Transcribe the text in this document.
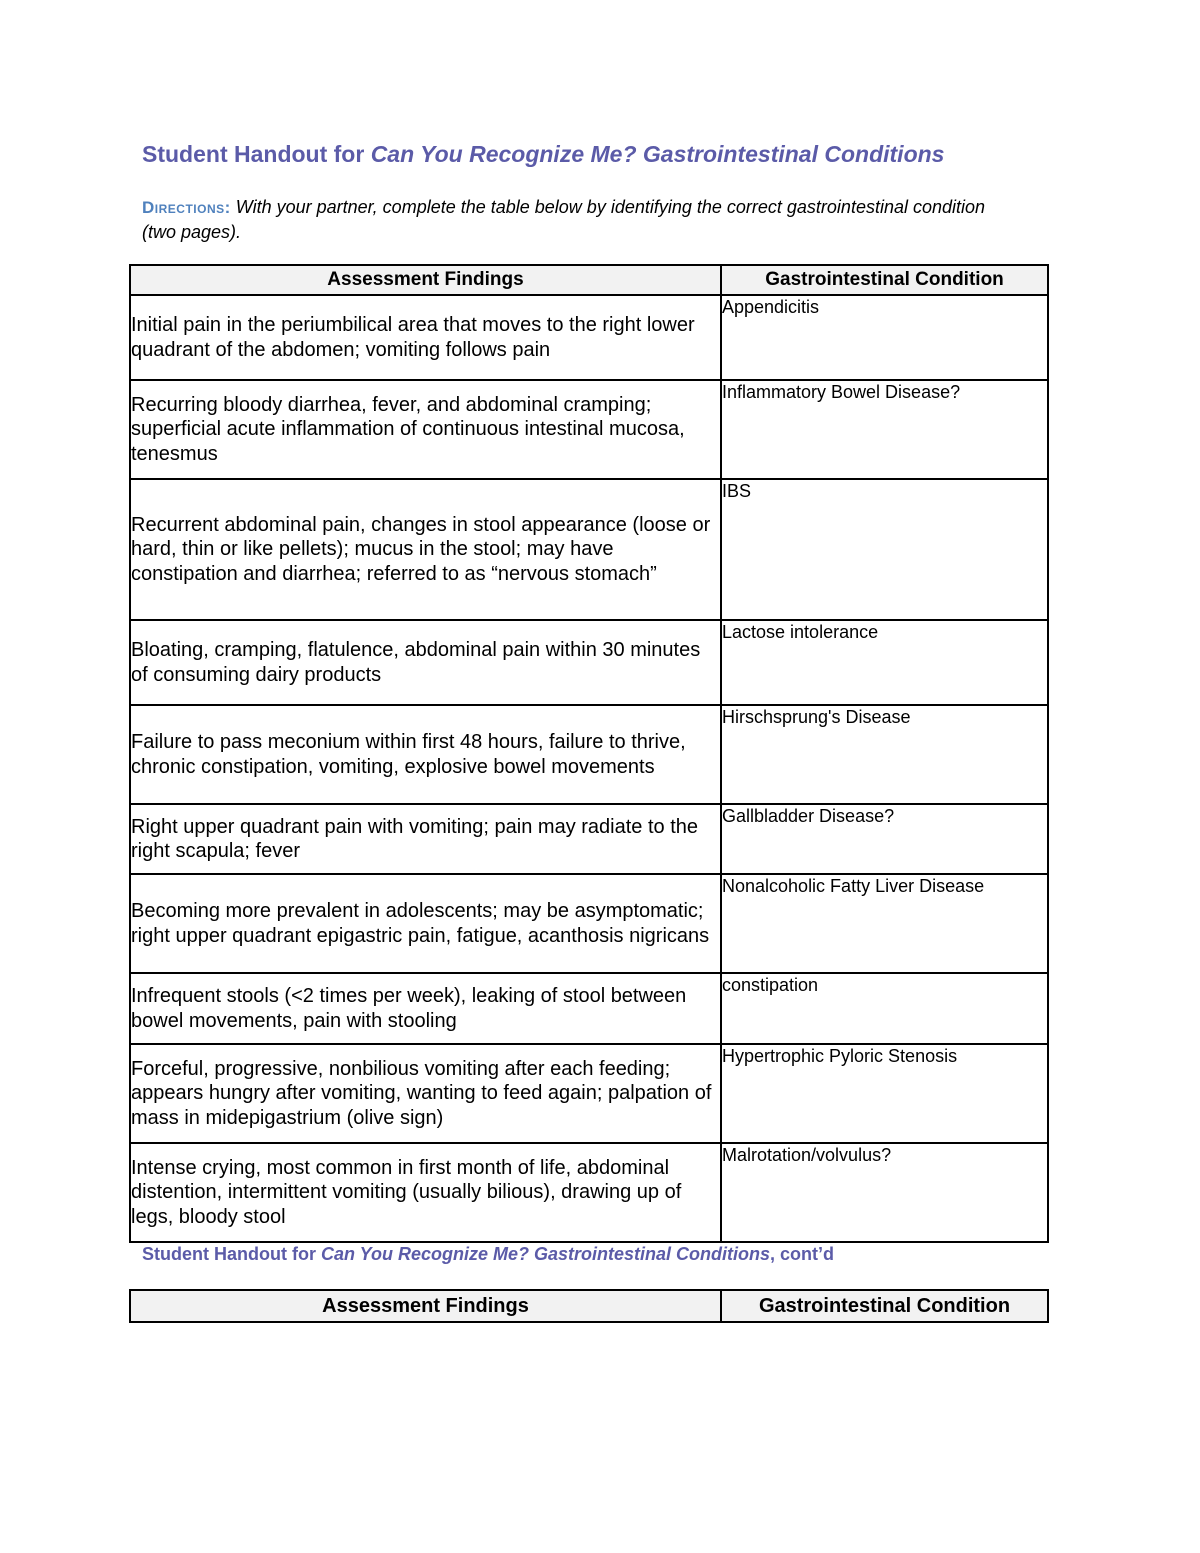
Student Handout for Can You Recognize Me? Gastrointestinal Conditions
Directions: With your partner, complete the table below by identifying the correct gastrointestinal condition (two pages).
Assessment Findings	Gastrointestinal Condition
Initial pain in the periumbilical area that moves to the right lower quadrant of the abdomen; vomiting follows pain	Appendicitis
Recurring bloody diarrhea, fever, and abdominal cramping; superficial acute inflammation of continuous intestinal mucosa, tenesmus	Inflammatory Bowel Disease?
Recurrent abdominal pain, changes in stool appearance (loose or hard, thin or like pellets); mucus in the stool; may have constipation and diarrhea; referred to as “nervous stomach”	IBS
Bloating, cramping, flatulence, abdominal pain within 30 minutes of consuming dairy products	Lactose intolerance
Failure to pass meconium within first 48 hours, failure to thrive, chronic constipation, vomiting, explosive bowel movements	Hirschsprung's Disease
Right upper quadrant pain with vomiting; pain may radiate to the right scapula; fever	Gallbladder Disease?
Becoming more prevalent in adolescents; may be asymptomatic; right upper quadrant epigastric pain, fatigue, acanthosis nigricans	Nonalcoholic Fatty Liver Disease
Infrequent stools (<2 times per week), leaking of stool between bowel movements, pain with stooling	constipation
Forceful, progressive, nonbilious vomiting after each feeding; appears hungry after vomiting, wanting to feed again; palpation of mass in midepigastrium (olive sign)	Hypertrophic Pyloric Stenosis
Intense crying, most common in first month of life, abdominal distention, intermittent vomiting (usually bilious), drawing up of legs, bloody stool	Malrotation/volvulus?
Student Handout for Can You Recognize Me? Gastrointestinal Conditions, cont’d
Assessment Findings	Gastrointestinal Condition
